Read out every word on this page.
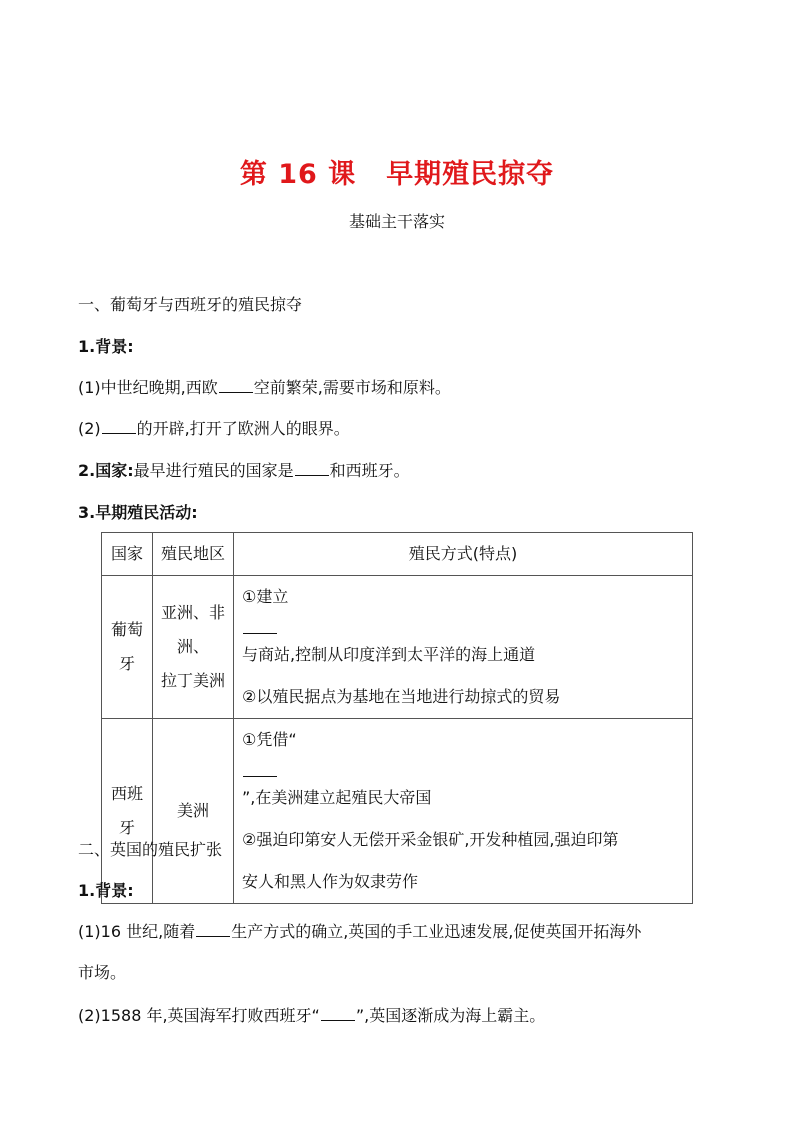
第 16 课 早期殖民掠夺

基础主干落实

一、葡萄牙与西班牙的殖民掠夺

1.背景:

(1)中世纪晚期,西欧 空前繁荣,需要市场和原料。

(2) 的开辟,打开了欧洲人的眼界。

2.国家:最早进行殖民的国家是 和西班牙。

3.早期殖民活动:

国家	殖民地区	殖民方式(特点)

葡萄
牙	亚洲、非
洲、
拉丁美洲	①建立
与商站,控制从印度洋到太平洋的海上通道
②以殖民据点为基地在当地进行劫掠式的贸易

西班
牙	美洲	①凭借“
”,在美洲建立起殖民大帝国
②强迫印第安人无偿开采金银矿,开发种植园,强迫印第
安人和黑人作为奴隶劳作

二、英国的殖民扩张

1.背景:

(1)16 世纪,随着 生产方式的确立,英国的手工业迅速发展,促使英国开拓海外

市场。

(2)1588 年,英国海军打败西班牙“ ”,英国逐渐成为海上霸主。
